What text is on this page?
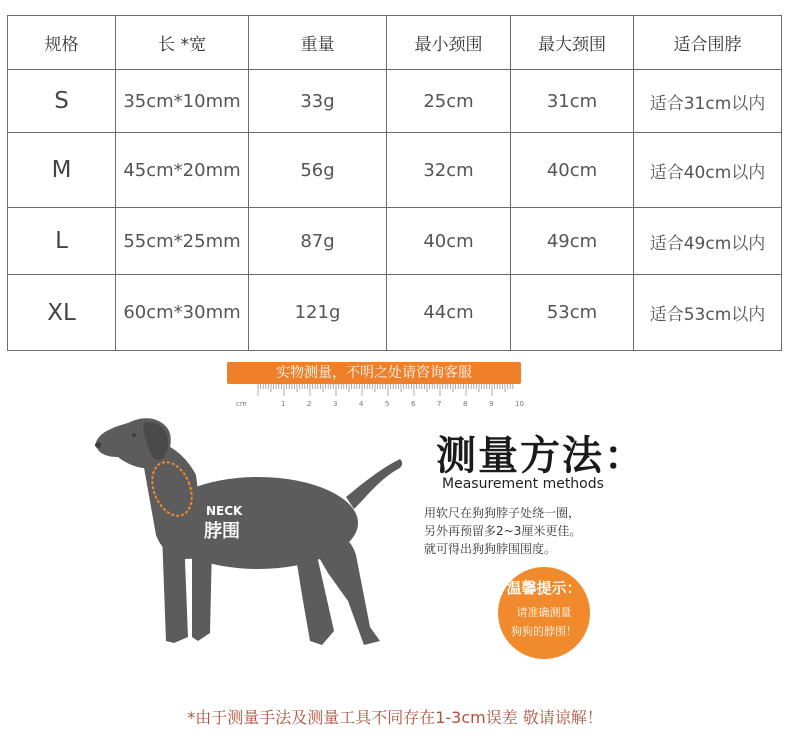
规格	长 *宽	重量	最小颈围	最大颈围	适合围脖
S	35cm*10mm	33g	25cm	31cm	适合31cm以内
M	45cm*20mm	56g	32cm	40cm	适合40cm以内
L	55cm*25mm	87g	40cm	49cm	适合49cm以内
XL	60cm*30mm	121g	44cm	53cm	适合53cm以内
实物测量，不明之处请咨询客服
cm	1	2	3	4	5	6	7	8	9	10
NECK
脖围
测量方法：
Measurement methods
用软尺在狗狗脖子处绕一圈，
另外再预留多2~3厘米更佳。
就可得出狗狗脖围围度。
温馨提示：
请准确测量
狗狗的脖围！
*由于测量手法及测量工具不同存在1-3cm误差 敬请谅解！
